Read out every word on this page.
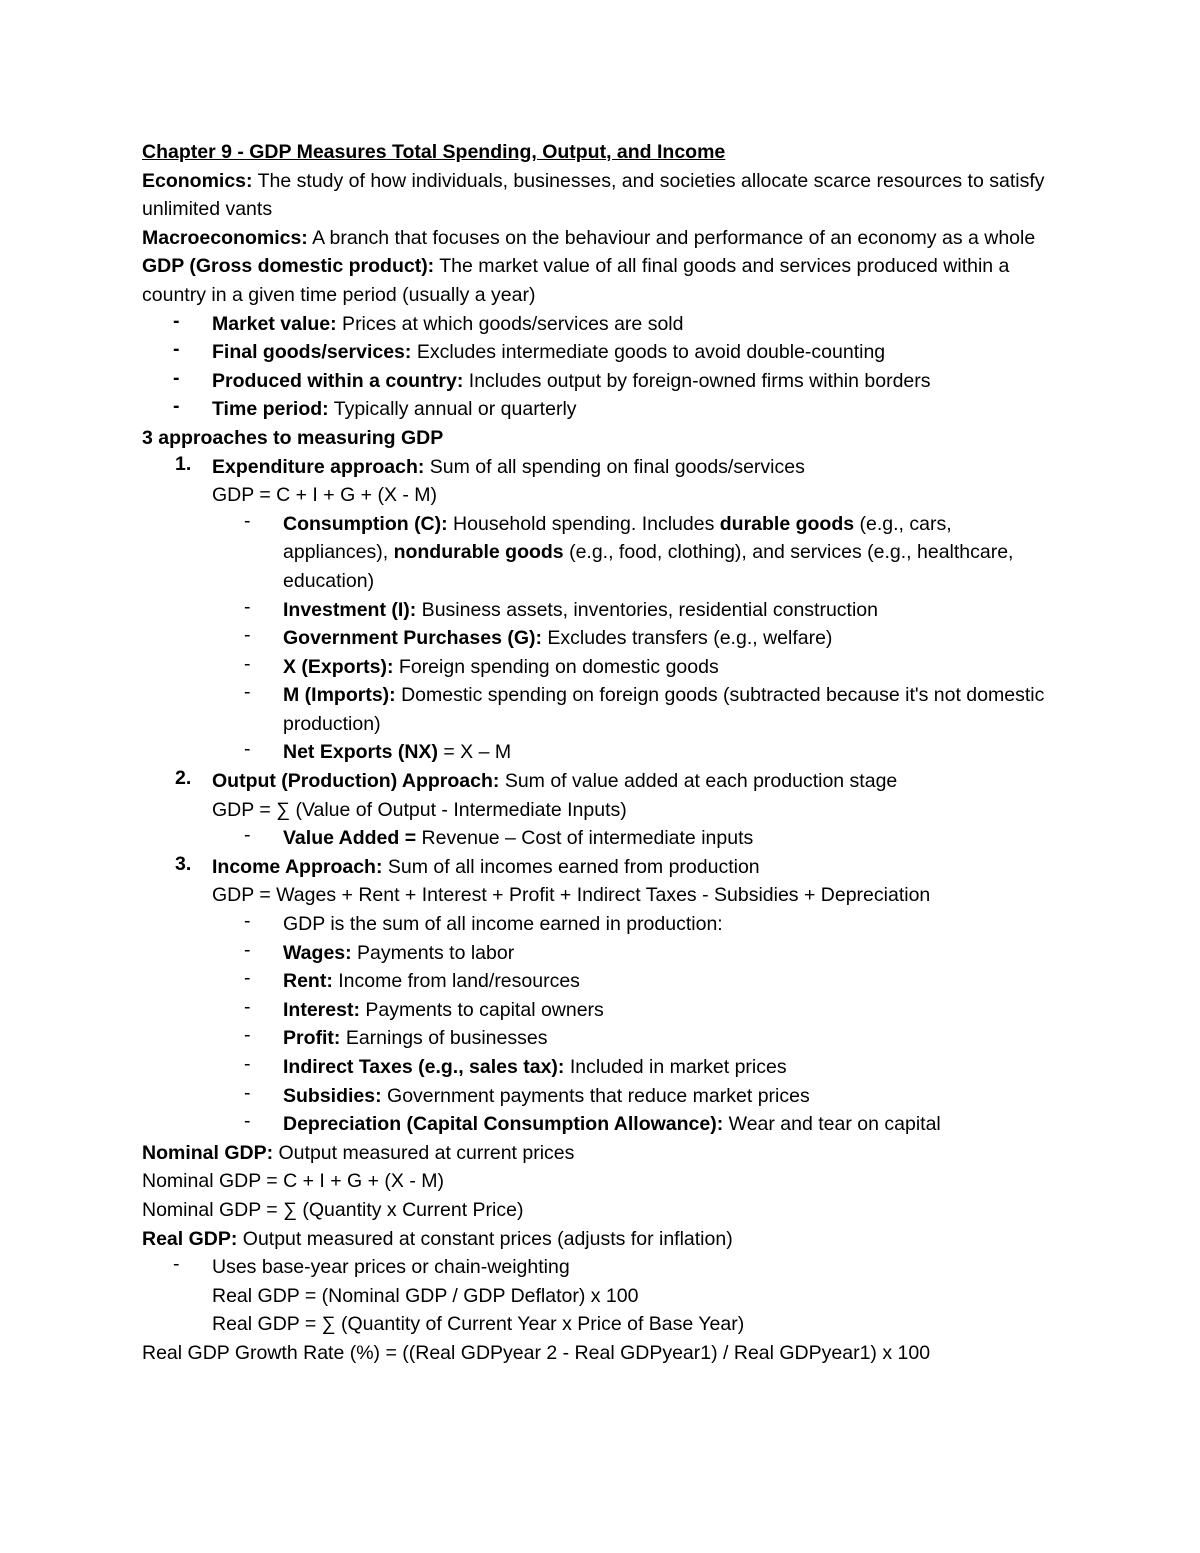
Chapter 9 - GDP Measures Total Spending, Output, and Income
Economics: The study of how individuals, businesses, and societies allocate scarce resources to satisfy unlimited vants
Macroeconomics: A branch that focuses on the behaviour and performance of an economy as a whole
GDP (Gross domestic product): The market value of all final goods and services produced within a country in a given time period (usually a year)
-	Market value: Prices at which goods/services are sold
-	Final goods/services: Excludes intermediate goods to avoid double-counting
-	Produced within a country: Includes output by foreign-owned firms within borders
-	Time period: Typically annual or quarterly
3 approaches to measuring GDP
1.	Expenditure approach: Sum of all spending on final goods/services
GDP = C + I + G + (X - M)
-	Consumption (C): Household spending. Includes durable goods (e.g., cars, appliances), nondurable goods (e.g., food, clothing), and services (e.g., healthcare, education)
-	Investment (I): Business assets, inventories, residential construction
-	Government Purchases (G): Excludes transfers (e.g., welfare)
-	X (Exports): Foreign spending on domestic goods
-	M (Imports): Domestic spending on foreign goods (subtracted because it's not domestic production)
-	Net Exports (NX) = X – M
2.	Output (Production) Approach: Sum of value added at each production stage
GDP = ∑ (Value of Output - Intermediate Inputs)
-	Value Added = Revenue – Cost of intermediate inputs
3.	Income Approach: Sum of all incomes earned from production
GDP = Wages + Rent + Interest + Profit + Indirect Taxes - Subsidies + Depreciation
-	GDP is the sum of all income earned in production:
-	Wages: Payments to labor
-	Rent: Income from land/resources
-	Interest: Payments to capital owners
-	Profit: Earnings of businesses
-	Indirect Taxes (e.g., sales tax): Included in market prices
-	Subsidies: Government payments that reduce market prices
-	Depreciation (Capital Consumption Allowance): Wear and tear on capital
Nominal GDP: Output measured at current prices
Nominal GDP = C + I + G + (X - M)
Nominal GDP = ∑ (Quantity x Current Price)
Real GDP: Output measured at constant prices (adjusts for inflation)
-	Uses base-year prices or chain-weighting
Real GDP = (Nominal GDP / GDP Deflator) x 100
Real GDP = ∑ (Quantity of Current Year x Price of Base Year)
Real GDP Growth Rate (%) = ((Real GDPyear 2 - Real GDPyear1) / Real GDPyear1) x 100
